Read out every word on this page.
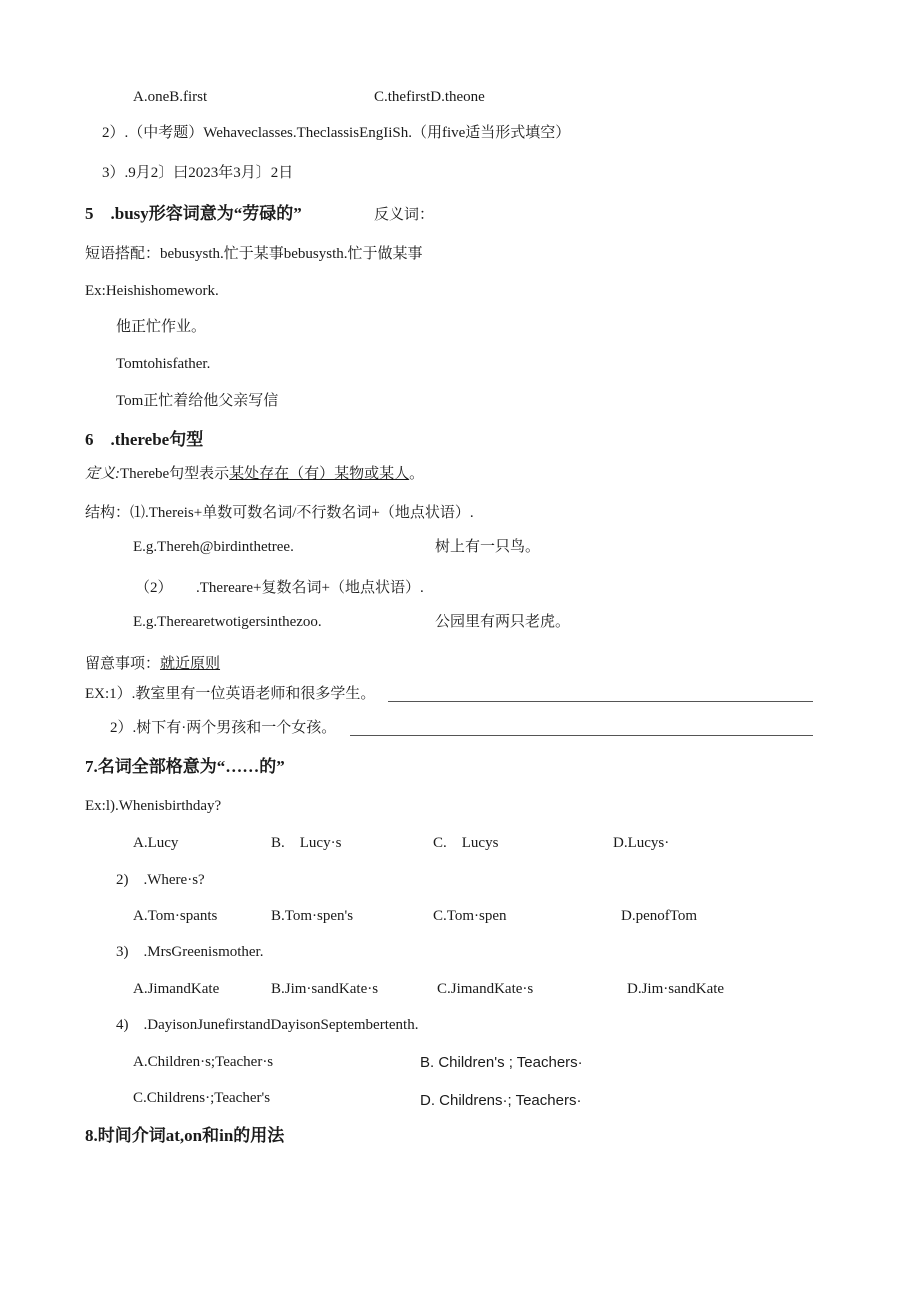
A.oneB.first	C.thefirstD.theone
2）.（中考题）Wehaveclasses.TheclassisEngIiSh.（用five适当形式填空）
3）.9月2〕曰2023年3月〕2日
5　.busy形容词意为“劳碌的”	反义词：
短语搭配：bebusysth.忙于某事bebusysth.忙于做某事
Ex:Heishishomework.
他正忙作业。
Tomtohisfather.
Tom正忙着给他父亲写信
6　.therebe句型
定义:Therebe句型表示某处存在（有）某物或某人。
结构：⑴.Thereis+单数可数名词/不行数名词+（地点状语）.
E.g.Thereh@birdinthetree.	树上有一只鸟。
（2） .Thereare+复数名词+（地点状语）.
E.g.Therearetwotigersinthezoo.	公园里有两只老虎。
留意事项：就近原则
EX:1）.教室里有一位英语老师和很多学生。
2）.树下有·两个男孩和一个女孩。
7.名词全部格意为“……的”
Ex:l).Whenisbirthday?
A.Lucy	B.　Lucy·s	C.　Lucys	D.Lucys·
2)　.Where·s?
A.Tom·spants	B.Tom·spen's	C.Tom·spen	D.penofTom
3)　.MrsGreenismother.
A.JimandKate	B.Jim·sandKate·s	C.JimandKate·s	D.Jim·sandKate
4)　.DayisonJunefirstandDayisonSeptembertenth.
A.Children·s;Teacher·s	B. Children's ; Teachers·
C.Childrens·;Teacher's	D. Childrens·; Teachers·
8.时间介词at,on和in的用法
